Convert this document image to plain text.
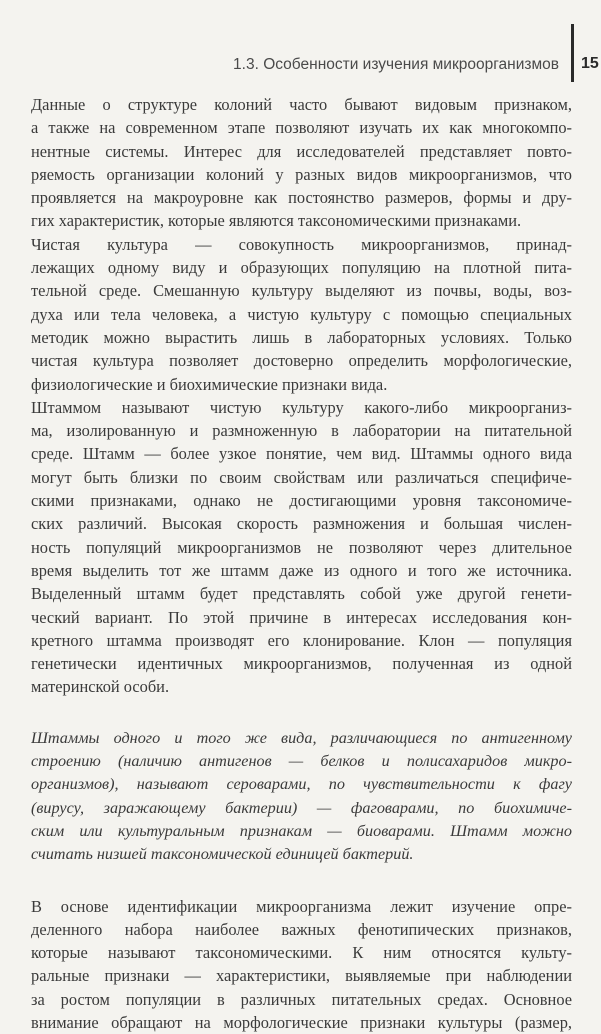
1.3. Особенности изучения микроорганизмов 15
Данные о структуре колоний часто бывают видовым признаком,
а также на современном этапе позволяют изучать их как многокомпо-
нентные системы. Интерес для исследователей представляет повто-
ряемость организации колоний у разных видов микроорганизмов, что
проявляется на макроуровне как постоянство размеров, формы и дру-
гих характеристик, которые являются таксономическими признаками.
Чистая культура — совокупность микроорганизмов, принад-
лежащих одному виду и образующих популяцию на плотной пита-
тельной среде. Смешанную культуру выделяют из почвы, воды, воз-
духа или тела человека, а чистую культуру с помощью специальных
методик можно вырастить лишь в лабораторных условиях. Только
чистая культура позволяет достоверно определить морфологические,
физиологические и биохимические признаки вида.
Штаммом называют чистую культуру какого-либо микроорганиз-
ма, изолированную и размноженную в лаборатории на питательной
среде. Штамм — более узкое понятие, чем вид. Штаммы одного вида
могут быть близки по своим свойствам или различаться специфиче-
скими признаками, однако не достигающими уровня таксономиче-
ских различий. Высокая скорость размножения и большая числен-
ность популяций микроорганизмов не позволяют через длительное
время выделить тот же штамм даже из одного и того же источника.
Выделенный штамм будет представлять собой уже другой генети-
ческий вариант. По этой причине в интересах исследования кон-
кретного штамма производят его клонирование. Клон — популяция
генетически идентичных микроорганизмов, полученная из одной
материнской особи.
Штаммы одного и того же вида, различающиеся по антигенному
строению (наличию антигенов — белков и полисахаридов микро-
организмов), называют серoварами, по чувствительности к фагу
(вирусу, заражающему бактерии) — фаговарами, по биохимиче-
ским или культуральным признакам — биоварами. Штамм можно
считать низшей таксономической единицей бактерий.
В основе идентификации микроорганизма лежит изучение опре-
деленного набора наиболее важных фенотипических признаков,
которые называют таксономическими. К ним относятся культу-
ральные признаки — характеристики, выявляемые при наблюдении
за ростом популяции в различных питательных средах. Основное
внимание обращают на морфологические признаки культуры (размер,
